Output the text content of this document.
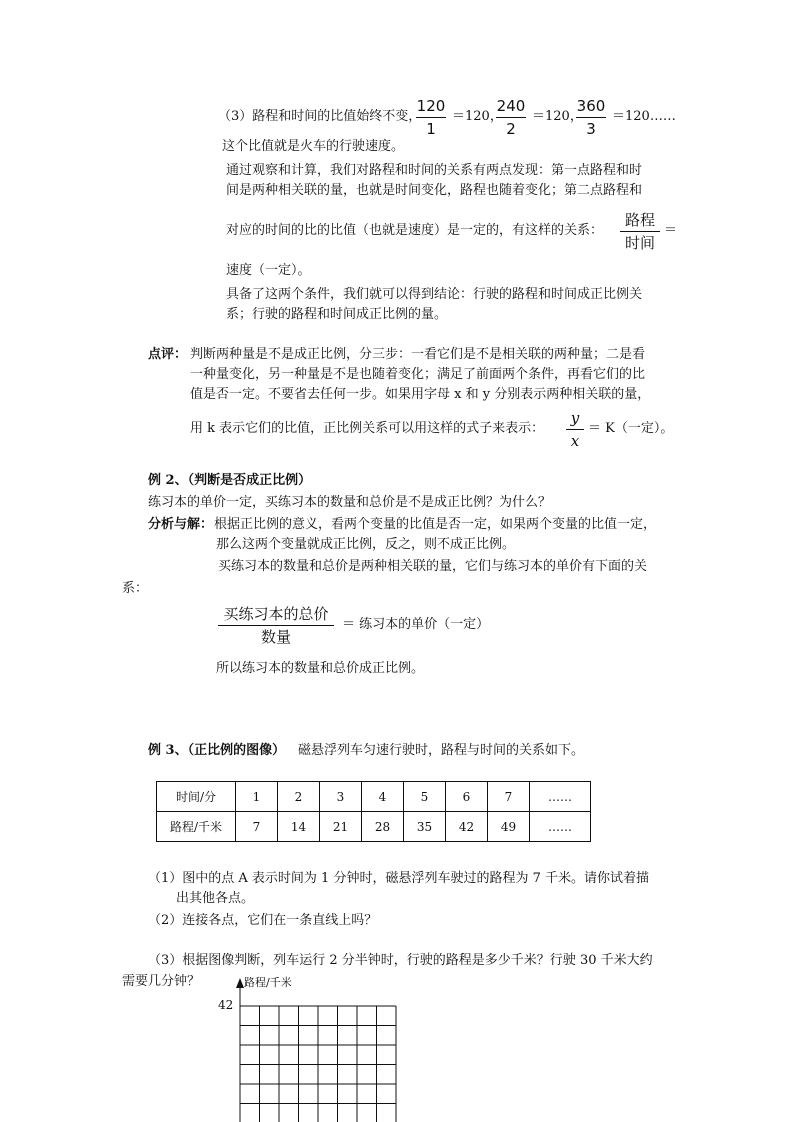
（3）路程和时间的比值始终不变，
120
1
＝120，
240
2
＝120，
360
3
＝120……
这个比值就是火车的行驶速度。
通过观察和计算，我们对路程和时间的关系有两点发现：第一点路程和时
间是两种相关联的量，也就是时间变化，路程也随着变化；第二点路程和
对应的时间的比的比值（也就是速度）是一定的，有这样的关系：
路程
时间
＝
速度（一定）。
具备了这两个条件，我们就可以得到结论：行驶的路程和时间成正比例关
系；行驶的路程和时间成正比例的量。
点评： 判断两种量是不是成正比例，分三步：一看它们是不是相关联的两种量；二是看
一种量变化，另一种量是不是也随着变化；满足了前面两个条件，再看它们的比
值是否一定。不要省去任何一步。如果用字母 x 和 y 分别表示两种相关联的量，
用 k 表示它们的比值，正比例关系可以用这样的式子来表示：
y
x
＝ K（一定）。
例 2、（判断是否成正比例）
练习本的单价一定，买练习本的数量和总价是不是成正比例？为什么？
分析与解： 根据正比例的意义，看两个变量的比值是否一定，如果两个变量的比值一定，
那么这两个变量就成正比例，反之，则不成正比例。
买练习本的数量和总价是两种相关联的量，它们与练习本的单价有下面的关
系：
买练习本的总价
数量
＝ 练习本的单价（一定）
所以练习本的数量和总价成正比例。
例 3、（正比例的图像） 磁悬浮列车匀速行驶时，路程与时间的关系如下。
时间/分	1	2	3	4	5	6	7	……
路程/千米	7	14	21	28	35	42	49	……
（1）图中的点 A 表示时间为 1 分钟时，磁悬浮列车驶过的路程为 7 千米。请你试着描
出其他各点。
（2）连接各点，它们在一条直线上吗？
（3）根据图像判断，列车运行 2 分半钟时，行驶的路程是多少千米？行驶 30 千米大约
需要几分钟？	路程/千米
42
